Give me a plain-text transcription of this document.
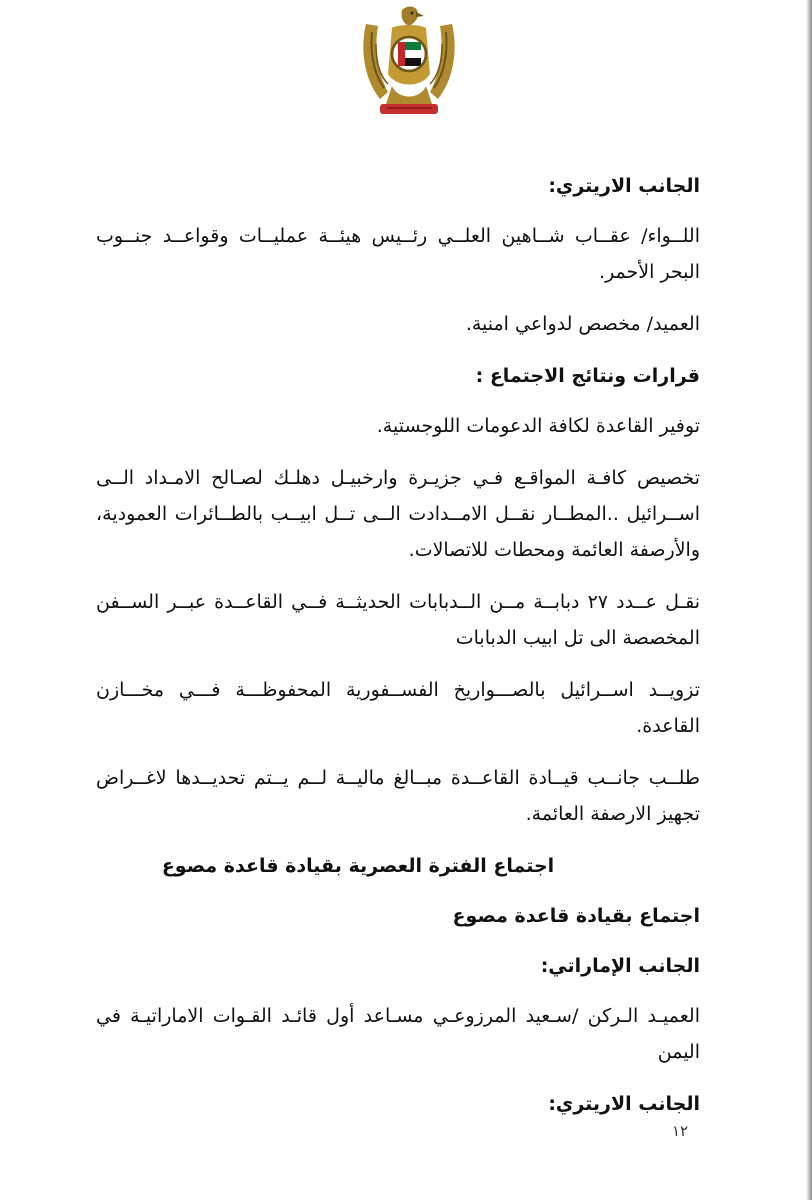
الجانب الاريتري:

اللــواء/ عقــاب شــاهين العلــي رئــيس هيئــة عمليــات وقواعــد جنــوب البحر الأحمر.

العميد/ مخصص لدواعي امنية.

قرارات ونتائج الاجتماع :

توفير القاعدة لكافة الدعومات اللوجستية.

تخصيص كافـة المواقـع فـي جزيـرة وارخبيـل دهلـك لصـالح الامـداد الــى اســرائيل ..المطــار نقــل الامــدادت الــى تــل ابيــب بالطــائرات العمودية، والأرصفة العائمة ومحطات للاتصالات.

نقـل عــدد ٢٧ دبابــة مــن الــدبابات الحديثــة فــي القاعــدة عبــر الســفن المخصصة الى تل ابيب الدبابات

تزويــد اســرائيل بالصـــواريخ الفســفورية المحفوظـــة فـــي مخـــازن القاعدة.

طلــب جانــب قيــادة القاعــدة مبــالغ ماليــة لــم يــتم تحديــدها لاغــراض تجهيز الارصفة العائمة.

اجتماع الفترة العصرية بقيادة قاعدة مصوع

اجتماع بقيادة قاعدة مصوع

الجانب الإماراتي:

العميـد الـركن /سـعيد المرزوعـي مسـاعد أول قائـد القـوات الاماراتيـة في اليمن

الجانب الاريتري:

١٢
